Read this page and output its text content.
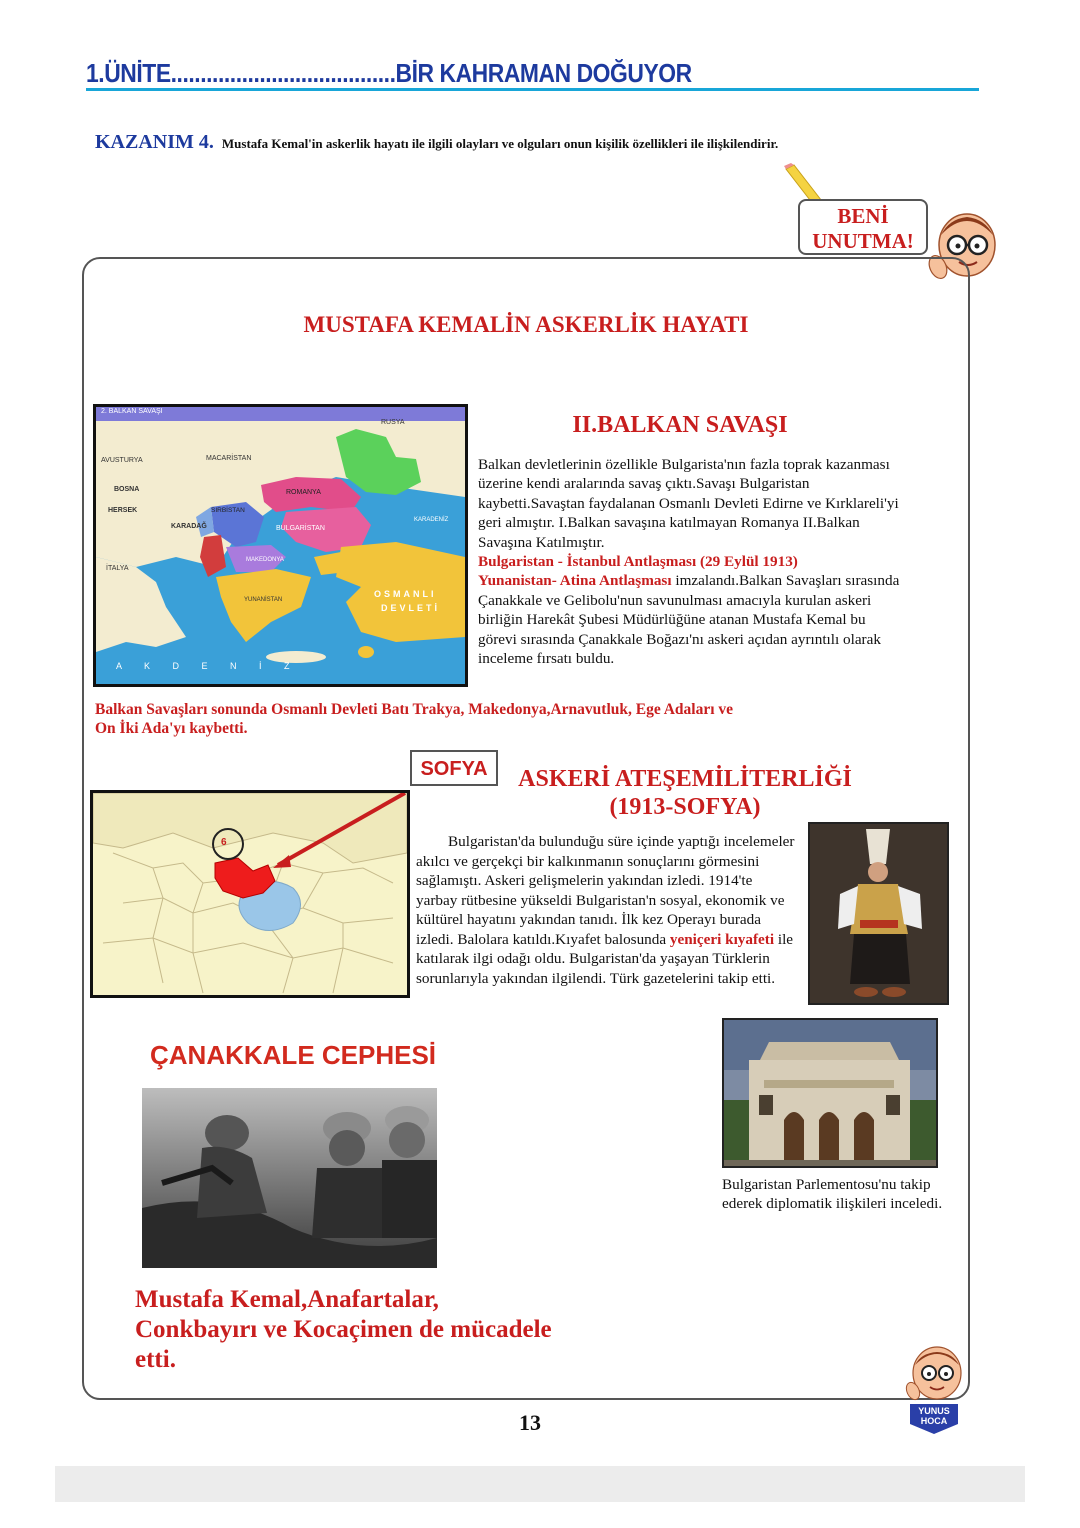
1.ÜNİTE......................................BİR KAHRAMAN DOĞUYOR
KAZANIM 4. Mustafa Kemal'in askerlik hayatı ile ilgili olayları ve olguları onun kişilik özellikleri ile ilişkilendirir.
BENİ
UNUTMA!
MUSTAFA KEMALİN ASKERLİK HAYATI
2. BALKAN SAVAŞI
RUSYA
AVUSTURYA	MACARİSTAN
BOSNA
HERSEK
KARADAĞ
SIRBİSTAN
ROMANYA
BULGARİSTAN
KARADENİZ
İTALYA
MAKEDONYA
YUNANİSTAN
OSMANLI
DEVLETİ
A K D E N İ Z
II.BALKAN SAVAŞI
Balkan devletlerinin özellikle Bulgarista'nın fazla toprak kazanması üzerine kendi aralarında savaş çıktı.Savaşı Bulgaristan kaybetti.Savaştan faydalanan Osmanlı Devleti Edirne ve Kırklareli'yi geri almıştır. I.Balkan savaşına katılmayan Romanya II.Balkan Savaşına Katılmıştır.
Bulgaristan - İstanbul Antlaşması (29 Eylül 1913)
Yunanistan- Atina Antlaşması imzalandı.Balkan Savaşları sırasında Çanakkale ve Gelibolu'nun savunulması amacıyla kurulan askeri birliğin Harekât Şubesi Müdürlüğüne atanan Mustafa Kemal bu görevi sırasında Çanakkale Boğazı'nı askeri açıdan ayrıntılı olarak inceleme fırsatı buldu.
Balkan Savaşları sonunda Osmanlı Devleti Batı Trakya, Makedonya,Arnavutluk, Ege Adaları ve On İki Ada'yı kaybetti.
SOFYA
6
ASKERİ ATEŞEMİLİTERLİĞİ
(1913-SOFYA)
Bulgaristan'da bulunduğu süre içinde yaptığı incelemeler akılcı ve gerçekçi bir kalkınmanın sonuçlarını görmesini sağlamıştı. Askeri gelişmelerin yakından izledi. 1914'te yarbay rütbesine yükseldi Bulgaristan'n sosyal, ekonomik ve kültürel hayatını yakından tanıdı. İlk kez Operayı burada izledi. Balolara katıldı.Kıyafet balosunda yeniçeri kıyafeti ile katılarak ilgi odağı oldu. Bulgaristan'da yaşayan Türklerin sorunlarıyla yakından ilgilendi. Türk gazetelerini takip etti.
Bulgaristan Parlementosu'nu takip ederek diplomatik ilişkileri inceledi.
ÇANAKKALE CEPHESİ
Mustafa Kemal,Anafartalar, Conkbayırı ve Kocaçimen de mücadele etti.
YUNUS
HOCA
13
